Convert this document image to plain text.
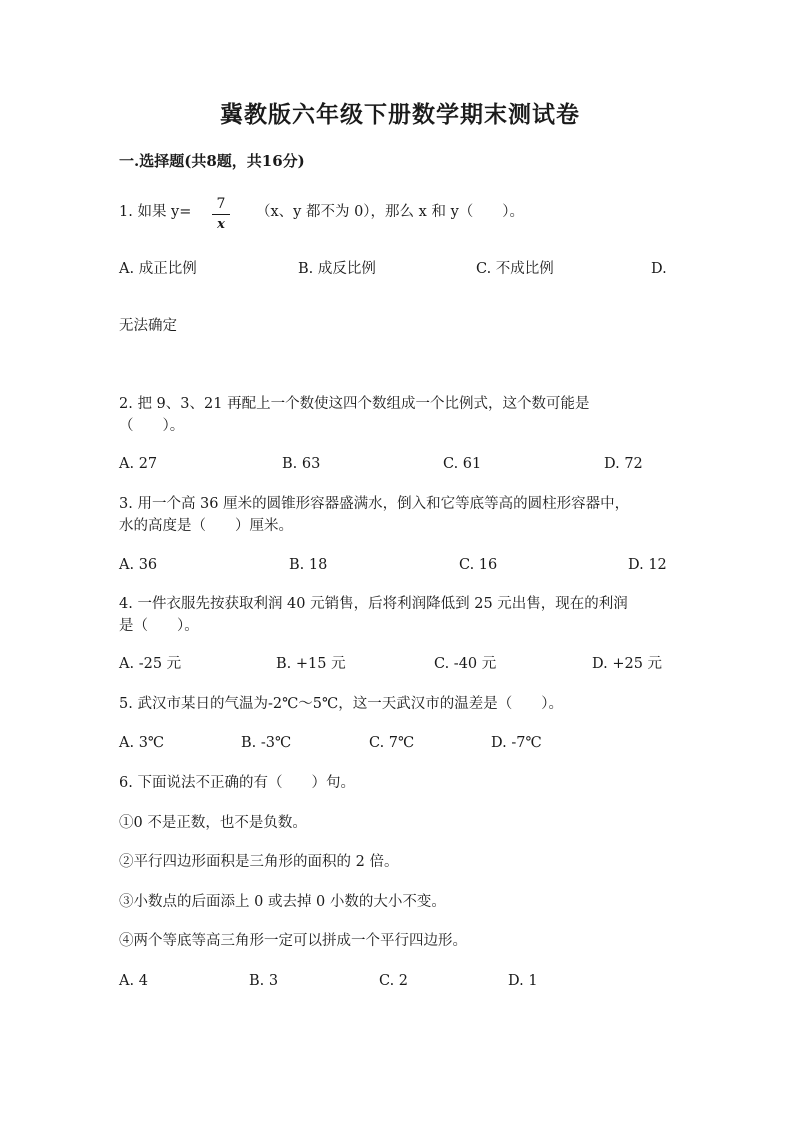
冀教版六年级下册数学期末测试卷
一.选择题(共8题，共16分)
1. 如果 y=	7
x
（x、y 都不为 0），那么 x 和 y（　　）。
A. 成正比例	B. 成反比例	C. 不成比例	D.
无法确定
2. 把 9、3、21 再配上一个数使这四个数组成一个比例式，这个数可能是
（　　）。
A. 27	B. 63	C. 61	D. 72
3. 用一个高 36 厘米的圆锥形容器盛满水，倒入和它等底等高的圆柱形容器中，
水的高度是（　　）厘米。
A. 36	B. 18	C. 16	D. 12
4. 一件衣服先按获取利润 40 元销售，后将利润降低到 25 元出售，现在的利润
是（　　）。
A. -25 元	B. +15 元	C. -40 元	D. +25 元
5. 武汉市某日的气温为-2℃～5℃，这一天武汉市的温差是（　　）。
A. 3℃	B. -3℃	C. 7℃	D. -7℃
6. 下面说法不正确的有（　　）句。
①0 不是正数，也不是负数。
②平行四边形面积是三角形的面积的 2 倍。
③小数点的后面添上 0 或去掉 0 小数的大小不变。
④两个等底等高三角形一定可以拼成一个平行四边形。
A. 4	B. 3	C. 2	D. 1
